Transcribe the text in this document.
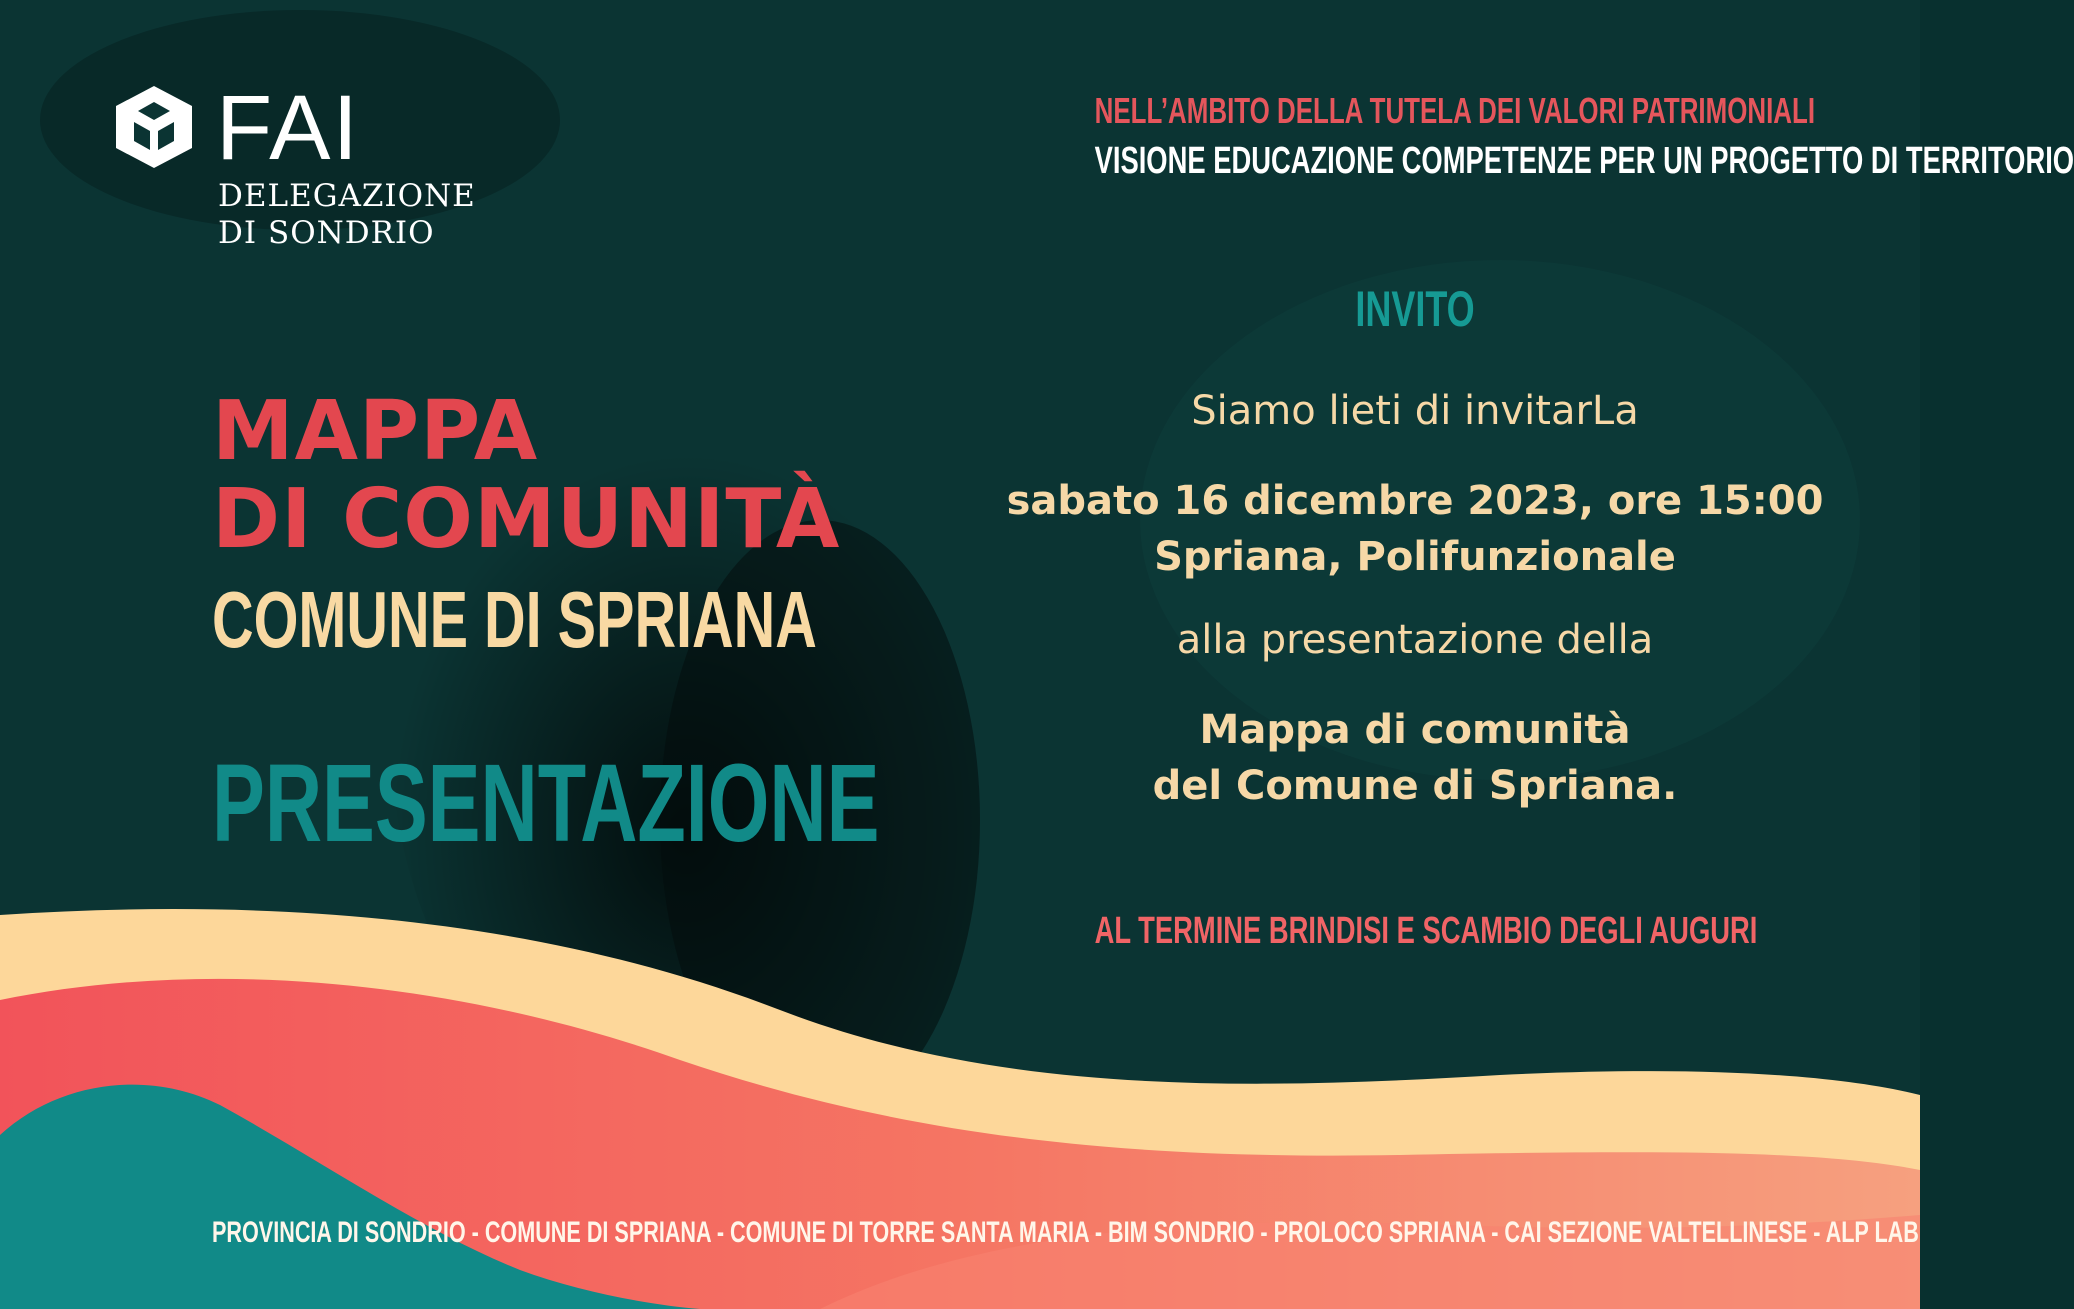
FAI
DELEGAZIONE
DI SONDRIO
NELL’AMBITO DELLA TUTELA DEI VALORI PATRIMONIALI
VISIONE EDUCAZIONE COMPETENZE PER UN PROGETTO DI TERRITORIO
MAPPA
DI COMUNITÀ
COMUNE DI SPRIANA
PRESENTAZIONE
INVITO
Siamo lieti di invitarLa
sabato 16 dicembre 2023, ore 15:00
Spriana, Polifunzionale
alla presentazione della
Mappa di comunità
del Comune di Spriana.
AL TERMINE BRINDISI E SCAMBIO DEGLI AUGURI
PROVINCIA DI SONDRIO - COMUNE DI SPRIANA - COMUNE DI TORRE SANTA MARIA - BIM SONDRIO - PROLOCO SPRIANA - CAI SEZIONE VALTELLINESE - ALP LAB
